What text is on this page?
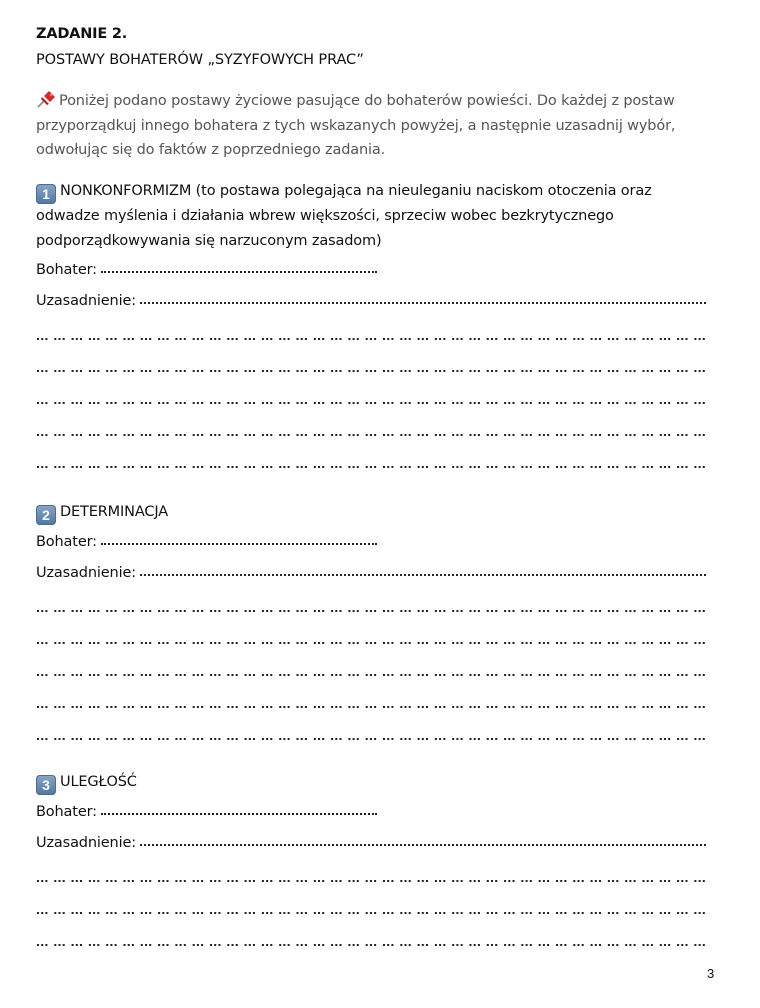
ZADANIE 2.
POSTAWY BOHATERÓW „SYZYFOWYCH PRAC”
Poniżej podano postawy życiowe pasujące do bohaterów powieści. Do każdej z postaw przyporządkuj innego bohatera z tych wskazanych powyżej, a następnie uzasadnij wybór, odwołując się do faktów z poprzedniego zadania.
1 NONKONFORMIZM (to postawa polegająca na nieuleganiu naciskom otoczenia oraz odwadze myślenia i działania wbrew większości, sprzeciw wobec bezkrytycznego podporządkowywania się narzuconym zasadom)
Bohater:
Uzasadnienie:
2 DETERMINACJA
Bohater:
Uzasadnienie:
3 ULEGŁOŚĆ
Bohater:
Uzasadnienie:
3
